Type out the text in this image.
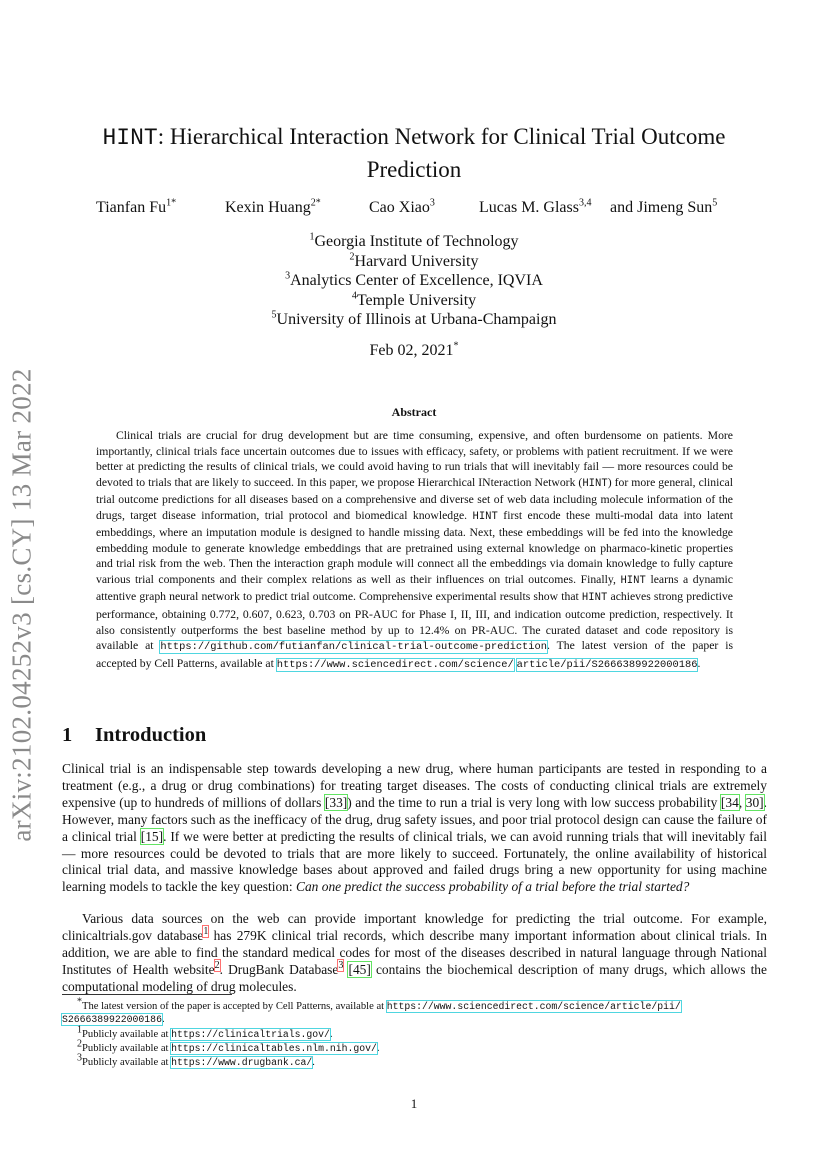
arXiv:2102.04252v3 [cs.CY] 13 Mar 2022
HINT: Hierarchical Interaction Network for Clinical Trial Outcome
Prediction
Tianfan $Fu^{1*}$	Kexin Huang$^{2*}$	Cao Xiao$^3$	Lucas M. Glass$^{3,4}$ and Jimeng Sun$^5$
$^1$Georgia Institute of Technology
$^2$Harvard University
$^3$Analytics Center of Excellence, IQVIA
$^4$Temple University
$^5$University of Illinois at Urbana-Champaign
Feb 02, 2021*
Abstract

Clinical trials are crucial for drug development but are time consuming, expensive, and often burdensome on patients. More importantly, clinical trials face uncertain outcomes due to issues with efficacy, safety, or problems with patient recruitment. If we were better at predicting the results of clinical trials, we could avoid having to run trials that will inevitably fail — more resources could be devoted to trials that are likely to succeed. In this paper, we propose Hierarchical INteraction Network (HINT) for more general, clinical trial outcome predictions for all diseases based on a comprehensive and diverse set of web data including molecule information of the drugs, target disease information, trial protocol and biomedical knowledge. HINT first encode these multi-modal data into latent embeddings, where an imputation module is designed to handle missing data. Next, these embeddings will be fed into the knowledge embedding module to generate knowledge embeddings that are pretrained using external knowledge on pharmaco-kinetic properties and trial risk from the web. Then the interaction graph module will connect all the embeddings via domain knowledge to fully capture various trial components and their complex relations as well as their influences on trial outcomes. Finally, HINT learns a dynamic attentive graph neural network to predict trial outcome. Comprehensive experimental results show that HINT achieves strong predictive performance, obtaining 0.772, 0.607, 0.623, 0.703 on PR-AUC for Phase I, II, III, and indication outcome prediction, respectively. It also consistently outperforms the best baseline method by up to 12.4% on PR-AUC. The curated dataset and code repository is available at https://github.com/futianfan/clinical-trial-outcome-prediction. The latest version of the paper is accepted by Cell Patterns, available at https://www.sciencedirect.com/science/ article/pii/S2666389922000186.

1 Introduction

Clinical trial is an indispensable step towards developing a new drug, where human participants are tested in responding to a treatment (e.g., a drug or drug combinations) for treating target diseases. The costs of conducting clinical trials are extremely expensive (up to hundreds of millions of dollars [33]) and the time to run a trial is very long with low success probability [34, 30]. However, many factors such as the inefficacy of the drug, drug safety issues, and poor trial protocol design can cause the failure of a clinical trial [15]. If we were better at predicting the results of clinical trials, we can avoid running trials that will inevitably fail — more resources could be devoted to trials that are more likely to succeed. Fortunately, the online availability of historical clinical trial data, and massive knowledge bases about approved and failed drugs bring a new opportunity for using machine learning models to tackle the key question: Can one predict the success probability of a trial before the trial started?

Various data sources on the web can provide important knowledge for predicting the trial outcome. For example, clinicaltrials.gov database$^1$ has 279K clinical trial records, which describe many important information about clinical trials. In addition, we are able to find the standard medical codes for most of the diseases described in natural language through National Institutes of Health website$^2$. DrugBank Database$^3$ [45] contains the biochemical description of many drugs, which allows the computational modeling of drug molecules.

*The latest version of the paper is accepted by Cell Patterns, available at https://www.sciencedirect.com/science/article/pii/ S2666389922000186.

$^1$Publicly available at https://clinicaltrials.gov/.

$^2$Publicly available at https://clinicaltables.nlm.nih.gov/.

$^3$Publicly available at https://www.drugbank.ca/.

1
